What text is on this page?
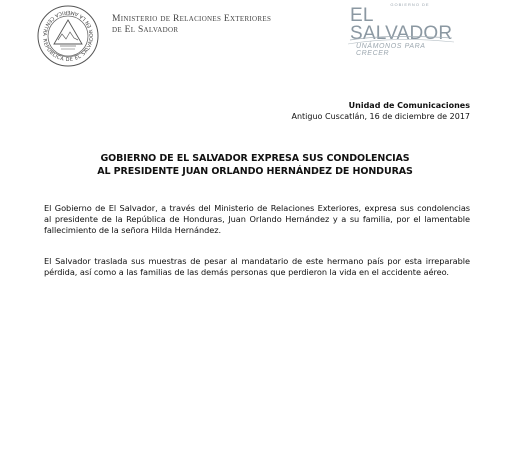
REPUBLICA DE EL SALVADOR EN LA AMERICA CENTRA
Ministerio de Relaciones Exteriores
de El Salvador
GOBIERNO DE
EL SALVADOR
UNÁMONOS PARA CRECER
Unidad de Comunicaciones
Antiguo Cuscatlán, 16 de diciembre de 2017
GOBIERNO DE EL SALVADOR EXPRESA SUS CONDOLENCIAS
AL PRESIDENTE JUAN ORLANDO HERNÁNDEZ DE HONDURAS
El Gobierno de El Salvador, a través del Ministerio de Relaciones Exteriores, expresa sus condolencias
al presidente de la República de Honduras, Juan Orlando Hernández y a su familia, por el lamentable
fallecimiento de la señora Hilda Hernández.
El Salvador traslada sus muestras de pesar al mandatario de este hermano país por esta irreparable
pérdida, así como a las familias de las demás personas que perdieron la vida en el accidente aéreo.
